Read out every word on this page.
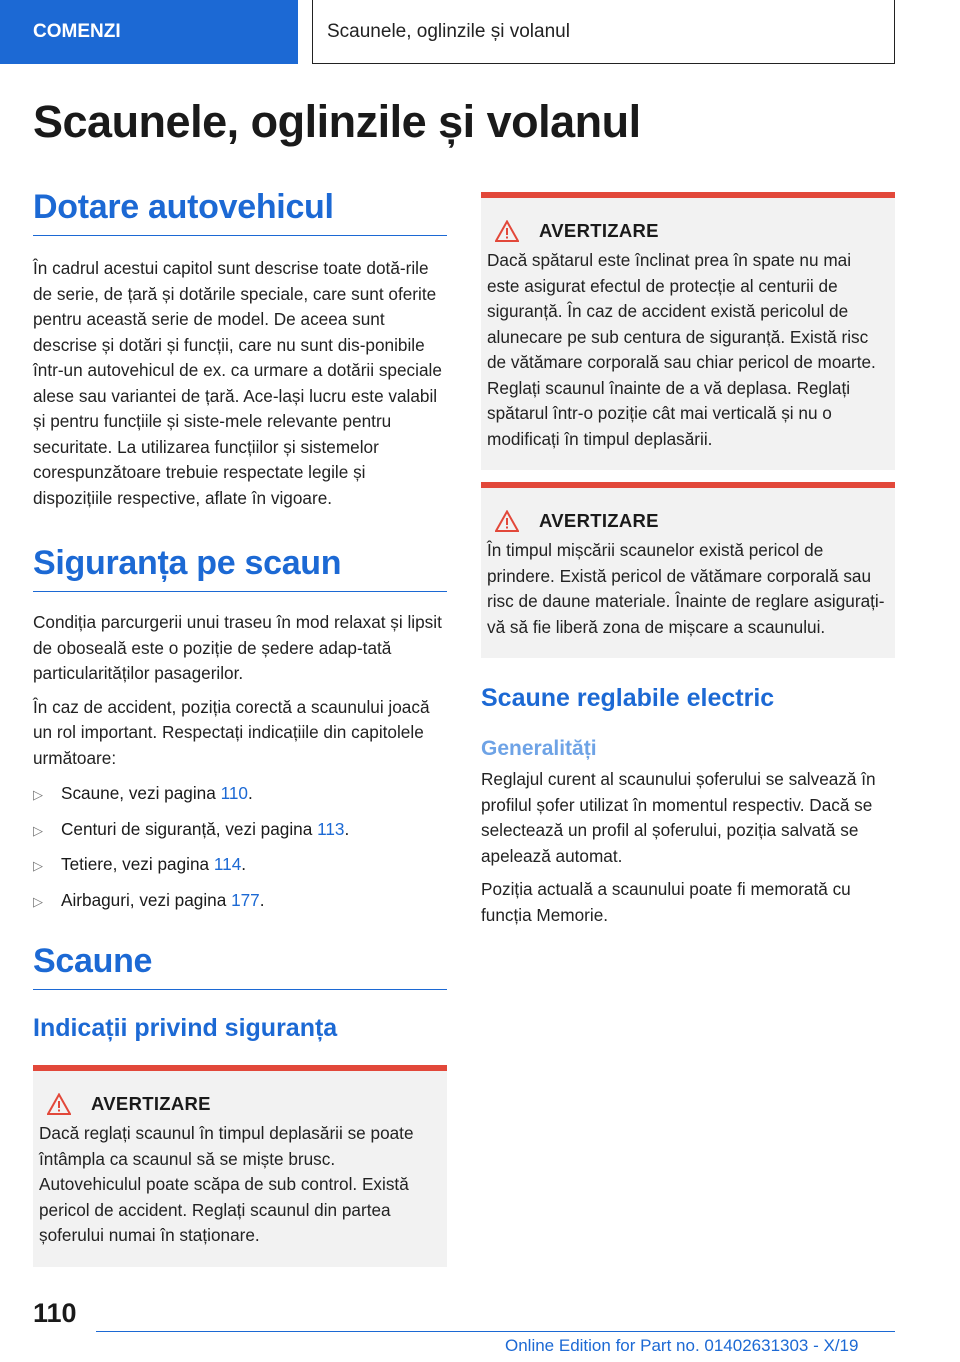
COMENZI	Scaunele, oglinzile și volanul
Scaunele, oglinzile și volanul
Dotare autovehicul

În cadrul acestui capitol sunt descrise toate dotă-rile de serie, de țară și dotările speciale, care sunt oferite pentru această serie de model. De aceea sunt descrise și dotări și funcții, care nu sunt dis-ponibile într-un autovehicul de ex. ca urmare a dotării speciale alese sau variantei de țară. Ace-lași lucru este valabil și pentru funcțiile și siste-mele relevante pentru securitate. La utilizarea funcțiilor și sistemelor corespunzătoare trebuie respectate legile și dispozițiile respective, aflate în vigoare.

Siguranța pe scaun

Condiția parcurgerii unui traseu în mod relaxat și lipsit de oboseală este o poziție de ședere adap-tată particularităților pasagerilor.

În caz de accident, poziția corectă a scaunului joacă un rol important. Respectați indicațiile din capitolele următoare:

▷	Scaune, vezi pagina 110.
▷	Centuri de siguranță, vezi pagina 113.
▷	Tetiere, vezi pagina 114.
▷	Airbaguri, vezi pagina 177.
Scaune
Indicații privind siguranța
AVERTIZARE

Dacă reglați scaunul în timpul deplasării se poate întâmpla ca scaunul să se miște brusc. Autovehiculul poate scăpa de sub control. Există pericol de accident. Reglați scaunul din partea șoferului numai în staționare.

AVERTIZARE

Dacă spătarul este înclinat prea în spate nu mai este asigurat efectul de protecție al centurii de siguranță. În caz de accident există pericolul de alunecare pe sub centura de siguranță. Există risc de vătămare corporală sau chiar pericol de moarte. Reglați scaunul înainte de a vă deplasa. Reglați spătarul într-o poziție cât mai verticală și nu o modificați în timpul deplasării.

AVERTIZARE

În timpul mișcării scaunelor există pericol de prindere. Există pericol de vătămare corporală sau risc de daune materiale. Înainte de reglare asigurați-vă să fie liberă zona de mișcare a scaunului.

Scaune reglabile electric
Generalități

Reglajul curent al scaunului șoferului se salvează în profilul șofer utilizat în momentul respectiv. Dacă se selectează un profil al șoferului, poziția salvată se apelează automat.

Poziția actuală a scaunului poate fi memorată cu funcția Memorie.

110
Online Edition for Part no. 01402631303 - X/19
